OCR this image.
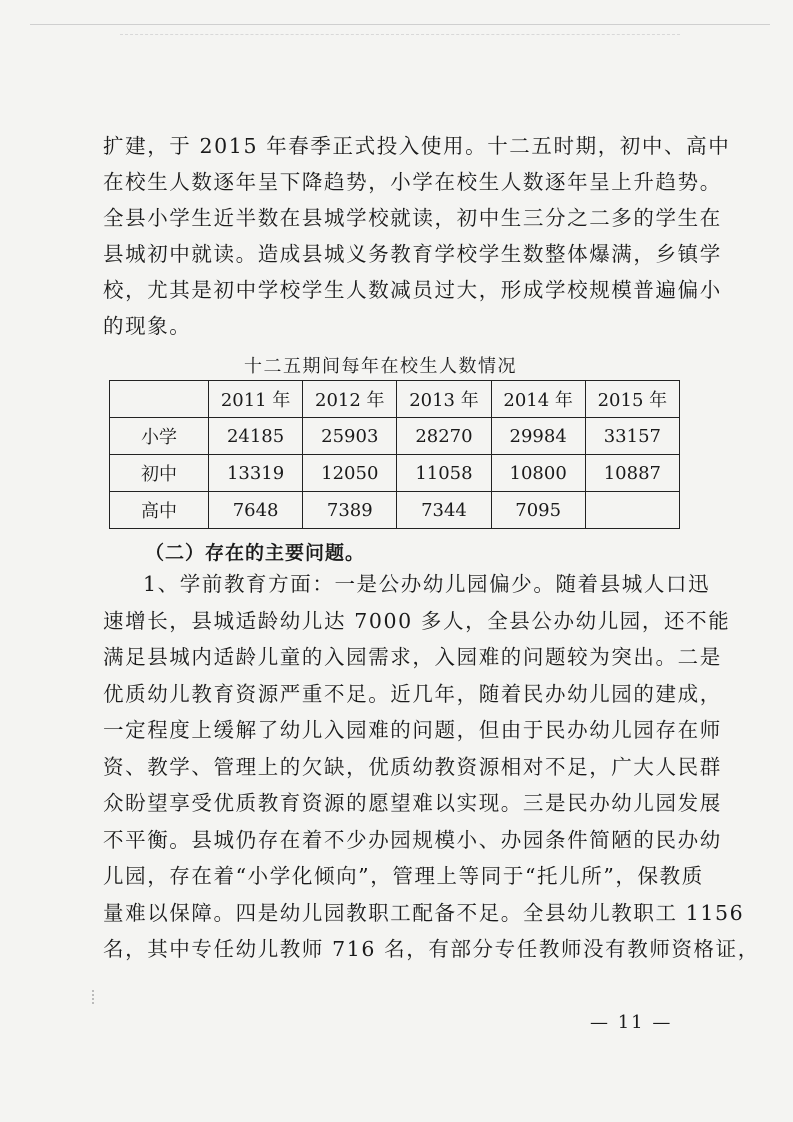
扩建，于 2015 年春季正式投入使用。十二五时期，初中、高中
在校生人数逐年呈下降趋势，小学在校生人数逐年呈上升趋势。
全县小学生近半数在县城学校就读，初中生三分之二多的学生在
县城初中就读。造成县城义务教育学校学生数整体爆满，乡镇学
校，尤其是初中学校学生人数减员过大，形成学校规模普遍偏小
的现象。
十二五期间每年在校生人数情况
	2011 年	2012 年	2013 年	2014 年	2015 年
小学	24185	25903	28270	29984	33157
初中	13319	12050	11058	10800	10887
高中	7648	7389	7344	7095	
（二）存在的主要问题。
1、学前教育方面：一是公办幼儿园偏少。随着县城人口迅
速增长，县城适龄幼儿达 7000 多人，全县公办幼儿园，还不能
满足县城内适龄儿童的入园需求，入园难的问题较为突出。二是
优质幼儿教育资源严重不足。近几年，随着民办幼儿园的建成，
一定程度上缓解了幼儿入园难的问题，但由于民办幼儿园存在师
资、教学、管理上的欠缺，优质幼教资源相对不足，广大人民群
众盼望享受优质教育资源的愿望难以实现。三是民办幼儿园发展
不平衡。县城仍存在着不少办园规模小、办园条件简陋的民办幼
儿园，存在着“小学化倾向”，管理上等同于“托儿所”，保教质
量难以保障。四是幼儿园教职工配备不足。全县幼儿教职工 1156
名，其中专任幼儿教师 716 名，有部分专任教师没有教师资格证，
— 11 —
